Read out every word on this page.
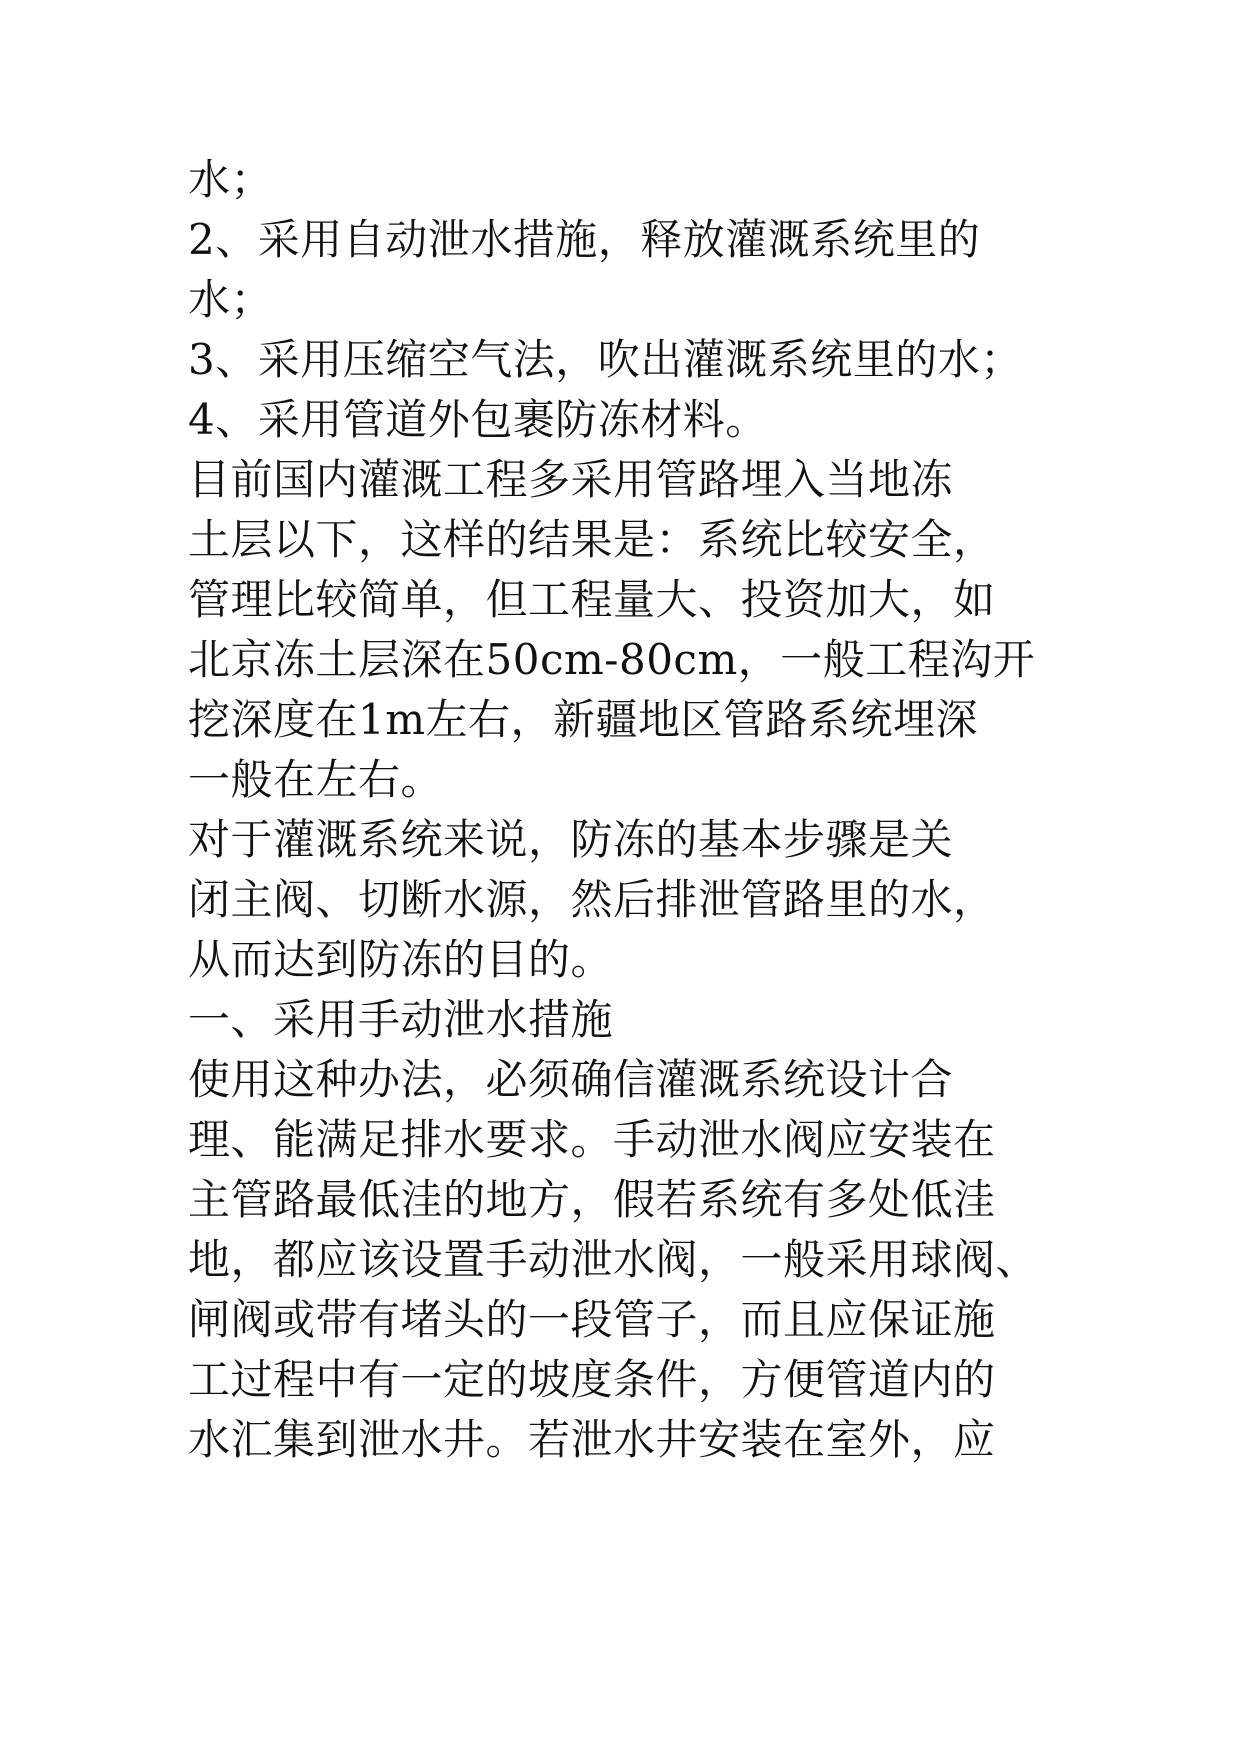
水；
2、采用自动泄水措施，释放灌溉系统里的
水；
3、采用压缩空气法，吹出灌溉系统里的水；
4、采用管道外包裹防冻材料。
目前国内灌溉工程多采用管路埋入当地冻
土层以下，这样的结果是：系统比较安全，
管理比较简单，但工程量大、投资加大，如
北京冻土层深在50cm-80cm，一般工程沟开
挖深度在1m左右，新疆地区管路系统埋深
一般在左右。
对于灌溉系统来说，防冻的基本步骤是关
闭主阀、切断水源，然后排泄管路里的水，
从而达到防冻的目的。
一、采用手动泄水措施
使用这种办法，必须确信灌溉系统设计合
理、能满足排水要求。手动泄水阀应安装在
主管路最低洼的地方，假若系统有多处低洼
地，都应该设置手动泄水阀，一般采用球阀、
闸阀或带有堵头的一段管子，而且应保证施
工过程中有一定的坡度条件，方便管道内的
水汇集到泄水井。若泄水井安装在室外，应
